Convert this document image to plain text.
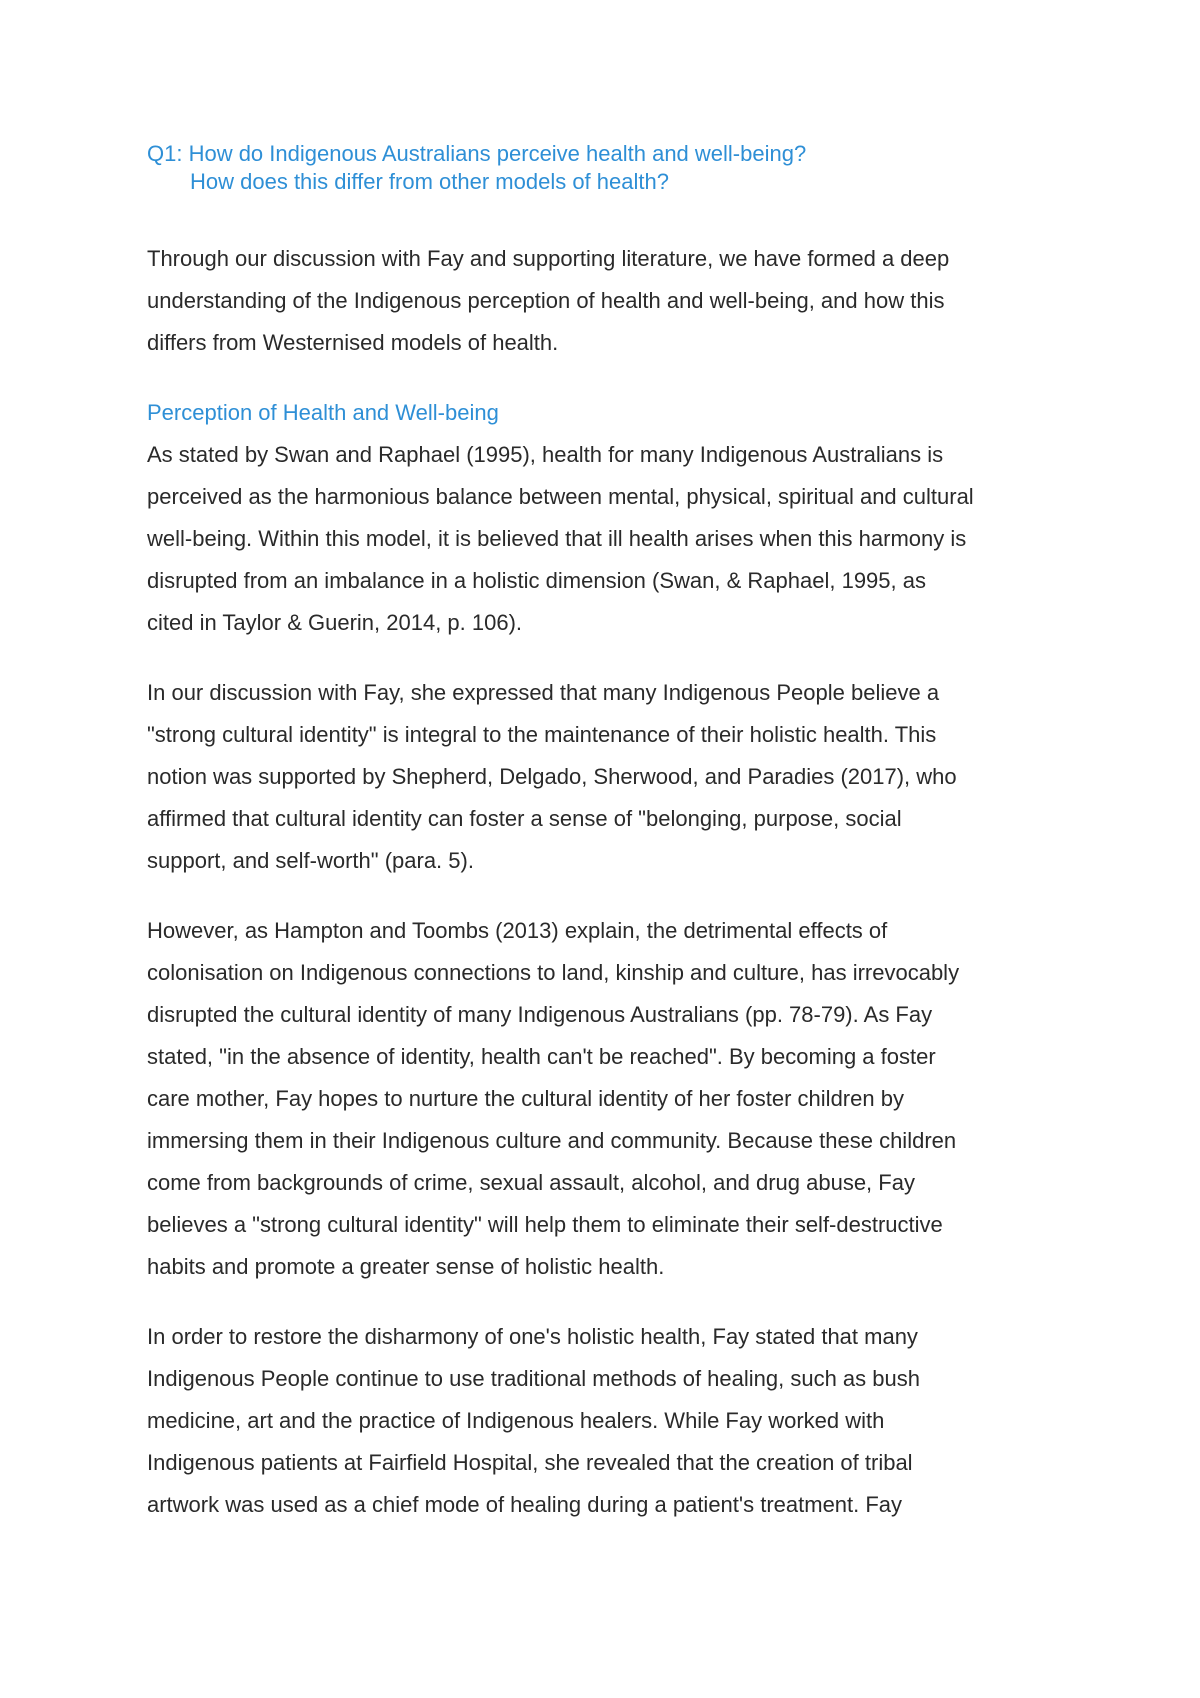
Q1: How do Indigenous Australians perceive health and well-being?

How does this differ from other models of health?

Through our discussion with Fay and supporting literature, we have formed a deep
understanding of the Indigenous perception of health and well-being, and how this
differs from Westernised models of health.

Perception of Health and Well-being

As stated by Swan and Raphael (1995), health for many Indigenous Australians is
perceived as the harmonious balance between mental, physical, spiritual and cultural
well-being. Within this model, it is believed that ill health arises when this harmony is
disrupted from an imbalance in a holistic dimension (Swan, & Raphael, 1995, as
cited in Taylor & Guerin, 2014, p. 106).

In our discussion with Fay, she expressed that many Indigenous People believe a
"strong cultural identity" is integral to the maintenance of their holistic health. This
notion was supported by Shepherd, Delgado, Sherwood, and Paradies (2017), who
affirmed that cultural identity can foster a sense of "belonging, purpose, social
support, and self-worth" (para. 5).

However, as Hampton and Toombs (2013) explain, the detrimental effects of
colonisation on Indigenous connections to land, kinship and culture, has irrevocably
disrupted the cultural identity of many Indigenous Australians (pp. 78-79). As Fay
stated, "in the absence of identity, health can't be reached". By becoming a foster
care mother, Fay hopes to nurture the cultural identity of her foster children by
immersing them in their Indigenous culture and community. Because these children
come from backgrounds of crime, sexual assault, alcohol, and drug abuse, Fay
believes a "strong cultural identity" will help them to eliminate their self-destructive
habits and promote a greater sense of holistic health.

In order to restore the disharmony of one's holistic health, Fay stated that many
Indigenous People continue to use traditional methods of healing, such as bush
medicine, art and the practice of Indigenous healers. While Fay worked with
Indigenous patients at Fairfield Hospital, she revealed that the creation of tribal
artwork was used as a chief mode of healing during a patient's treatment. Fay
